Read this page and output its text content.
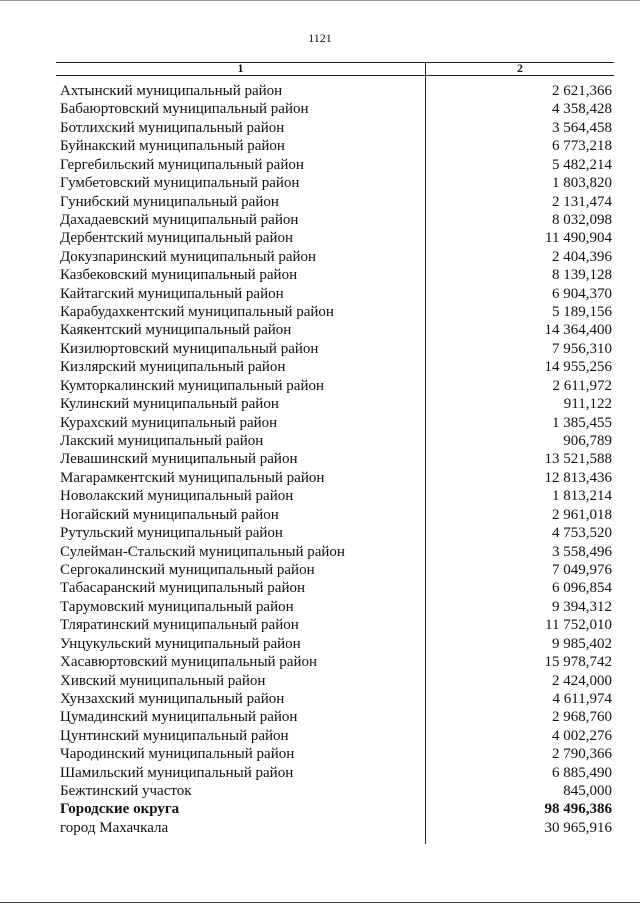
1121
1	2
Ахтынский муниципальный район	2 621,366
Бабаюртовский муниципальный район	4 358,428
Ботлихский муниципальный район	3 564,458
Буйнакский муниципальный район	6 773,218
Гергебильский муниципальный район	5 482,214
Гумбетовский муниципальный район	1 803,820
Гунибский муниципальный район	2 131,474
Дахадаевский муниципальный район	8 032,098
Дербентский муниципальный район	11 490,904
Докузпаринский муниципальный район	2 404,396
Казбековский муниципальный район	8 139,128
Кайтагский муниципальный район	6 904,370
Карабудахкентский муниципальный район	5 189,156
Каякентский муниципальный район	14 364,400
Кизилюртовский муниципальный район	7 956,310
Кизлярский муниципальный район	14 955,256
Кумторкалинский муниципальный район	2 611,972
Кулинский муниципальный район	911,122
Курахский муниципальный район	1 385,455
Лакский муниципальный район	906,789
Левашинский муниципальный район	13 521,588
Магарамкентский муниципальный район	12 813,436
Новолакский муниципальный район	1 813,214
Ногайский муниципальный район	2 961,018
Рутульский муниципальный район	4 753,520
Сулейман-Стальский муниципальный район	3 558,496
Сергокалинский муниципальный район	7 049,976
Табасаранский муниципальный район	6 096,854
Тарумовский муниципальный район	9 394,312
Тляратинский муниципальный район	11 752,010
Унцукульский муниципальный район	9 985,402
Хасавюртовский муниципальный район	15 978,742
Хивский муниципальный район	2 424,000
Хунзахский муниципальный район	4 611,974
Цумадинский муниципальный район	2 968,760
Цунтинский муниципальный район	4 002,276
Чародинский муниципальный район	2 790,366
Шамильский муниципальный район	6 885,490
Бежтинский участок	845,000
Городские округа	98 496,386
город Махачкала	30 965,916
